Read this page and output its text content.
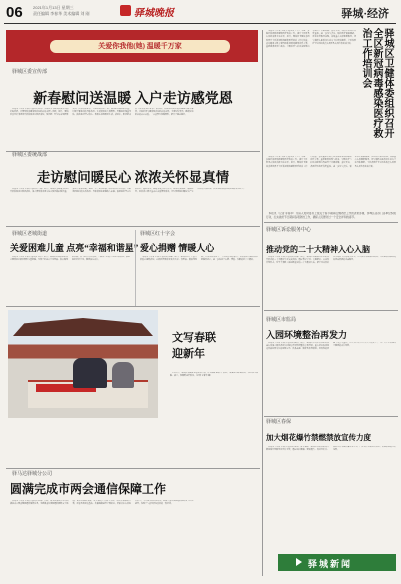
06	2021年1月13日 星期三
责任编辑 李春华 美术编辑 刘 刚	驿城晚报	驿城·经济
关爱你我他(她) 温暖千万家
驿城区委宣传部
新春慰问送温暖 入户走访感党恩
本报讯（记者 李春华 通讯员 张伟）为弘扬中华民族扶贫济困的传统美德，让困难群众感受到党和政府的关怀与温暖，近日，驿城区委宣传部组织开展新春走访慰问活动。慰问组一行先后来到困难党员、困难群众家中，为他们送去米、面、油等慰问品和慰问金，详细了解他们的身体状况、生活情况和实际困难，叮嘱他们保重身体，鼓励他们坚定信心、积极乐观地面对生活。活动中，慰问组成员与困难群众拉家常、话冷暖，并就他们关心的问题进行耐心解答，让他们切实感受到党和政府的关怀。大家纷纷表示，感谢党和政府的关心关爱，一定会努力克服困难，把日子越过越好。
驿城区委统战部
走访慰问暖民心 浓浓关怀显真情
本报讯（记者 李春华 通讯员 王磊）近日，驿城区委统战部组织开展新春走访慰问活动，深入困难群众家中送去慰问品和慰问金，并送上新春祝福。每到一户，慰问组都与困难群众亲切交谈，详细询问他们的生活状况、身体情况和家庭收入来源，鼓励他们坚定生活信心，战胜困难。统战部负责同志表示，将继续发挥统一战线优势，动员各方面力量关心关爱困难群众，切实帮助他们解决生产生活中的实际困难，把党和政府的温暖送到群众心坎上。
驿城区老城街道
关爱困难儿童 点亮“幸福和谐星”
本报讯（记者 李春华 通讯员 刘洋）近日，驿城区老城街道组织志愿者走访辖区困难儿童家庭，为孩子们送去学习用品、新衣服等慰问品，并与家长亲切交流，了解孩子们的学习和生活情况，鼓励他们好好学习，健康快乐成长。
驿城区红十字会
爱心捐赠 情暖人心
本报讯（记者 李春华 通讯员 赵敏）近日，驿城区红十字会开展爱心捐赠活动，向辖区困难群众发放大米、食用油、棉被等物资，让困难群众过上一个温暖祥和的春节。此次活动共惠及困难家庭百余户，进一步弘扬了人道、博爱、奉献的红十字精神。
文写春联 迎新年
1月11日，驿城区书法家协会组织开展“文写春联 迎新年”活动，书法家们挥毫泼墨，现场书写春联、福字，免费赠送给群众。（记者 李春华 摄）
驿马达驿城分公司
圆满完成市两会通信保障工作
本报讯（记者 李春华 通讯员 张强）日前，驿马达驿城分公司圆满完成市两会期间通信保障任务。为确保会议期间通信网络安全畅通，该公司提前部署，成立保障工作领导小组，制定详细保障方案，对会场及周边基站、传输线路进行全面排查，增派技术人员驻点值守，实行24小时值班制度，确保了会议期间通信网络安全稳定运行，得到了与会代表和委员的一致好评。
驿城区卫健体委组织召开全区新冠病毒感染医疗救治工作培训会
本报讯（记者 李春华 通讯员 王芳）为进一步做好新冠病毒感染医疗救治工作，提升全区医务人员救治能力和水平，近日，驿城区卫健体委组织召开全区新冠病毒感染医疗救治工作培训会。会议邀请市级专家围绕新冠病毒感染诊疗方案、重症患者识别与救治、分级诊疗与转诊流程等内容进行了详细讲解。会议要求，各医疗机构要高度重视，进一步压实责任，强化医疗资源储备，优化诊疗服务流程，加强重点人群健康服务，切实保障人民群众生命安全和身体健康。全区各医疗卫生机构负责人及医务人员代表参加培训。
本报讯（记者 李春华 通讯员 王芳）为进一步做好新冠病毒感染医疗救治工作，提升全区医务人员救治能力和水平，近日，驿城区卫健体委组织召开全区新冠病毒感染医疗救治工作培训会。会议邀请市级专家围绕新冠病毒感染诊疗方案、重症患者识别与救治、分级诊疗与转诊流程等内容进行了详细讲解。会议要求，各医疗机构要高度重视，进一步压实责任，强化医疗资源储备，优化诊疗服务流程，加强重点人群健康服务，切实保障人民群众生命安全和身体健康。全区各医疗卫生机构负责人及医务人员代表参加培训。
本报讯（记者 李春华）为深入贯彻落实上级关于春节期间疫情防控工作的决策部署，驿城区各部门各单位积极行动，扎实做好节日期间各项防控工作，确保人民群众过一个安全祥和的春节。
驿城区诉讼服务中心
推动党的二十大精神入心入脑
本报讯（记者 李春华 通讯员 孙丽）近日，驿城区诉讼服务中心组织开展党的二十大精神学习交流活动，通过集中学习、专题研讨、交流发言等形式，引导干部职工深刻领会党的二十大精神实质，把学习成果转化为推动工作的强大动力，切实提升诉讼服务质效，为人民群众提供更加优质便捷的司法服务。
驿城区市监局
入园环境整治再发力
本报讯（记者 李春华 通讯员 钱伟）近日，驿城区市场监管局组织执法人员深入辖区各幼儿园周边开展环境整治专项行动，重点检查校园周边食品经营单位的证照公示、食品来源、储存条件等情况，对发现的问题当场责令整改，切实守护孩子们“舌尖上的安全”，为广大学生营造安全健康的成长环境。
驿城区春保
加大烟花爆竹禁燃禁放宣传力度
本报讯（记者 李春华 通讯员 周明）春节临近，驿城区多措并举加大烟花爆竹禁燃禁放宣传力度，通过悬挂横幅、张贴通告、发放宣传单、流动宣传车巡回播放等方式，广泛宣传禁燃禁放规定，营造浓厚的宣传氛围。
驿城新闻
